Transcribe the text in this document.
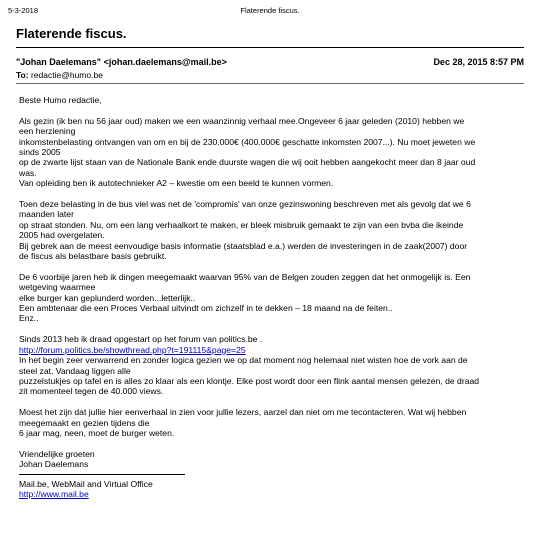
5-3-2018	Flaterende fiscus.
Flaterende fiscus.
"Johan Daelemans" <johan.daelemans@mail.be>	Dec 28, 2015 8:57 PM
To: redactie@humo.be

Beste Humo redactie,

Als gezin (ik ben nu 56 jaar oud) maken we een waanzinnig verhaal mee.Ongeveer 6 jaar geleden (2010) hebben we
een herziening
inkomstenbelasting ontvangen van om en bij de 230.000€ (400.000€ geschatte inkomsten 2007...). Nu moet jeweten we
sinds 2005
op de zwarte lijst staan van de Nationale Bank ende duurste wagen die wij ooit hebben aangekocht meer dan 8 jaar oud
was.
Van opleiding ben ik autotechnieker A2 – kwestie om een beeld te kunnen vormen.

Toen deze belasting in de bus viel was net de 'compromis' van onze gezinswoning beschreven met als gevolg dat we 6
maanden later
op straat stonden. Nu, om een lang verhaalkort te maken, er bleek misbruik gemaakt te zijn van een bvba die ikeinde
2005 had overgelaten.
Bij gebrek aan de meest eenvoudige basis informatie (staatsblad e.a.) werden de investeringen in de zaak(2007) door
de fiscus als belastbare basis gebruikt.

De 6 voorbije jaren heb ik dingen meegemaakt waarvan 95% van de Belgen zouden zeggen dat het onmogelijk is. Een
wetgeving waarmee
elke burger kan geplunderd worden...letterlijk..
Een ambtenaar die een Proces Verbaal uitvindt om zichzelf in te dekken – 18 maand na de feiten..
Enz..

Sinds 2013 heb ik draad opgestart op het forum van politics.be .
http://forum.politics.be/showthread.php?t=191115&page=25
In het begin zeer verwarrend en zonder logica gezien we op dat moment nog helemaal niet wisten hoe de vork aan de
steel zat. Vandaag liggen alle
puzzelstukjes op tafel en is alles zo klaar als een klontje. Elke post wordt door een flink aantal mensen gelezen, de draad
zit momenteel tegen de 40.000 views.

Moest het zijn dat jullie hier eenverhaal in zien voor jullie lezers, aarzel dan niet om me tecontacteren. Wat wij hebben
meegemaakt en gezien tijdens die
6 jaar mag, neen, moet de burger weten.

Vriendelijke groeten
Johan Daelemans
Mail.be, WebMail and Virtual Office
http://www.mail.be
